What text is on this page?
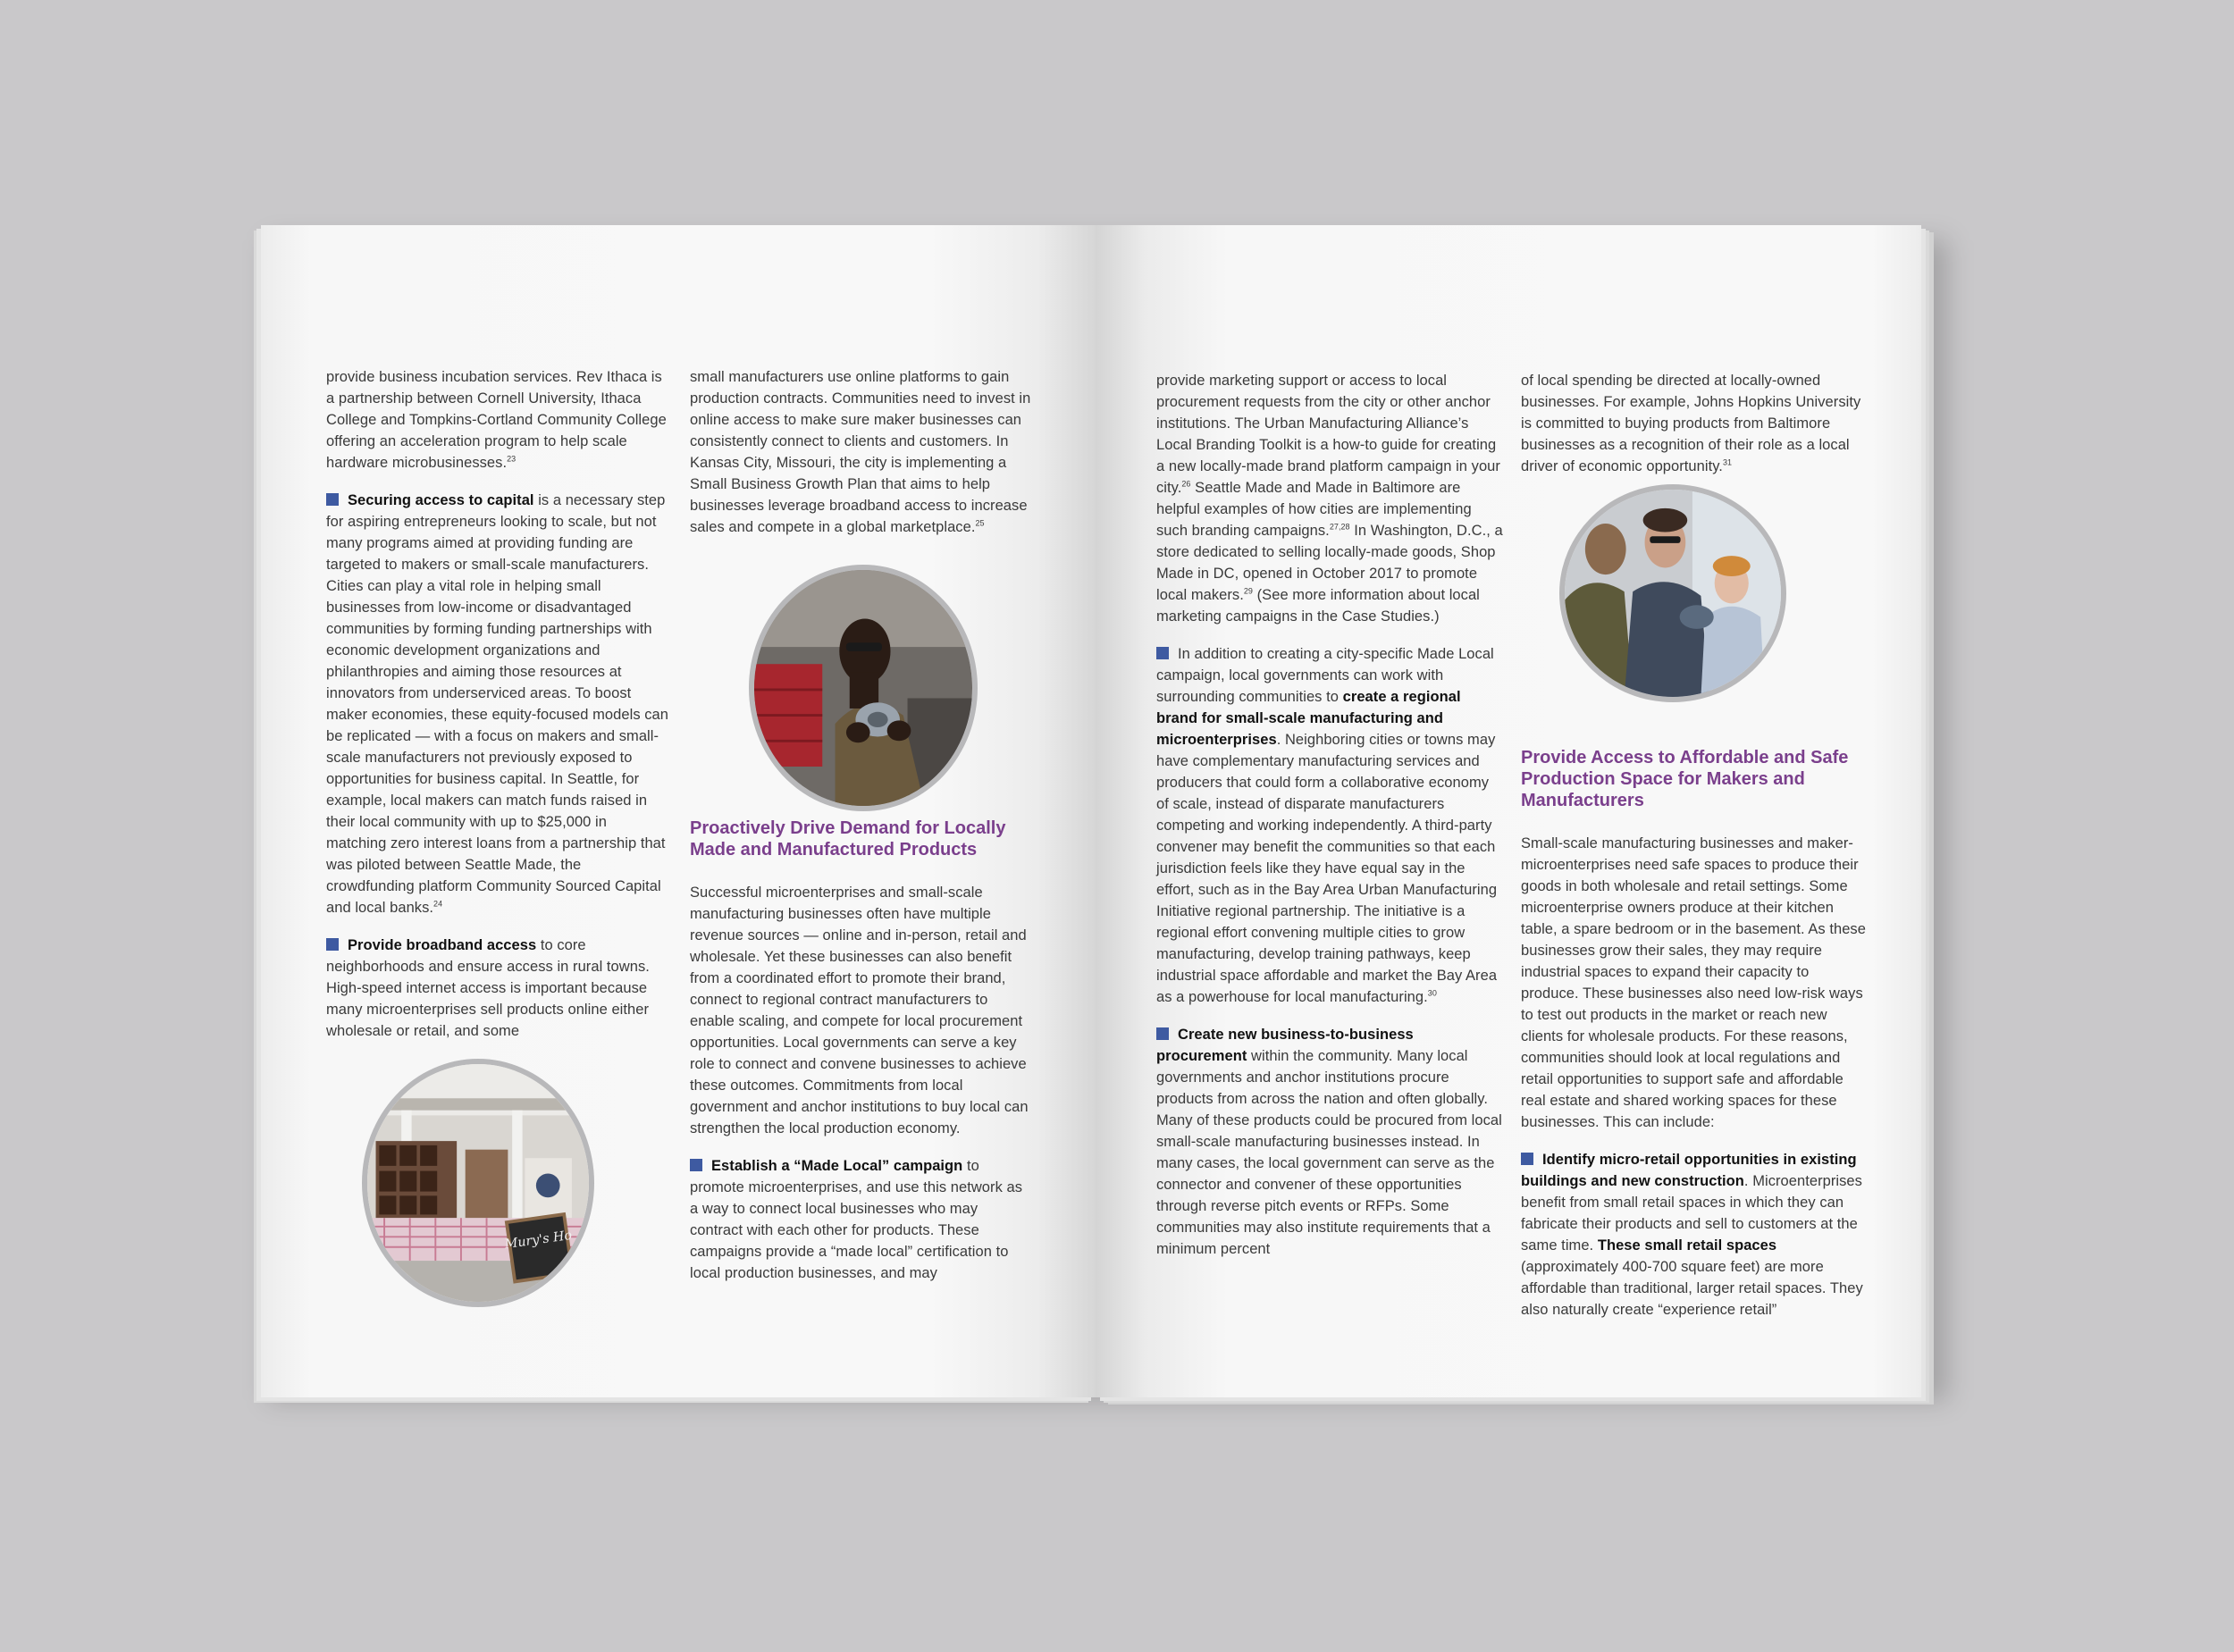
provide business incubation services. Rev Ithaca is a partnership between Cornell University, Ithaca College and Tompkins-Cortland Community College offering an acceleration program to help scale hardware microbusinesses.$^{23}$

Securing access to capital is a necessary step for aspiring entrepreneurs looking to scale, but not many programs aimed at providing funding are targeted to makers or small-scale manufacturers. Cities can play a vital role in helping small businesses from low-income or disadvantaged communities by forming funding partnerships with economic development organizations and philanthropies and aiming those resources at innovators from underserviced areas. To boost maker economies, these equity-focused models can be replicated — with a focus on makers and small-scale manufacturers not previously exposed to opportunities for business capital. In Seattle, for example, local makers can match funds raised in their local community with up to $25,000 in matching zero interest loans from a partnership that was piloted between Seattle Made, the crowdfunding platform Community Sourced Capital and local banks.$^{24}$

Provide broadband access to core neighborhoods and ensure access in rural towns. High-speed internet access is important because many microenterprises sell products online either wholesale or retail, and some

Mury's Ho

small manufacturers use online platforms to gain production contracts. Communities need to invest in online access to make sure maker businesses can consistently connect to clients and customers. In Kansas City, Missouri, the city is implementing a Small Business Growth Plan that aims to help businesses leverage broadband access to increase sales and compete in a global marketplace.$^{25}$

Proactively Drive Demand for Locally Made and Manufactured Products

Successful microenterprises and small-scale manufacturing businesses often have multiple revenue sources — online and in-person, retail and wholesale. Yet these businesses can also benefit from a coordinated effort to promote their brand, connect to regional contract manufacturers to enable scaling, and compete for local procurement opportunities. Local governments can serve a key role to connect and convene businesses to achieve these outcomes. Commitments from local government and anchor institutions to buy local can strengthen the local production economy.

Establish a “Made Local” campaign to promote microenterprises, and use this network as a way to connect local businesses who may contract with each other for products. These campaigns provide a “made local” certification to local production businesses, and may

provide marketing support or access to local procurement requests from the city or other anchor institutions. The Urban Manufacturing Alliance’s Local Branding Toolkit is a how-to guide for creating a new locally-made brand platform campaign in your city.$^{26}$ Seattle Made and Made in Baltimore are helpful examples of how cities are implementing such branding campaigns.$^{27,28}$ In Washington, D.C., a store dedicated to selling locally-made goods, Shop Made in DC, opened in October 2017 to promote local makers.$^{29}$ (See more information about local marketing campaigns in the Case Studies.)

In addition to creating a city-specific Made Local campaign, local governments can work with surrounding communities to create a regional brand for small-scale manufacturing and microenterprises. Neighboring cities or towns may have complementary manufacturing services and producers that could form a collaborative economy of scale, instead of disparate manufacturers competing and working independently. A third-party convener may benefit the communities so that each jurisdiction feels like they have equal say in the effort, such as in the Bay Area Urban Manufacturing Initiative regional partnership. The initiative is a regional effort convening multiple cities to grow manufacturing, develop training pathways, keep industrial space affordable and market the Bay Area as a powerhouse for local manufacturing.$^{30}$

Create new business-to-business procurement within the community. Many local governments and anchor institutions procure products from across the nation and often globally. Many of these products could be procured from local small-scale manufacturing businesses instead. In many cases, the local government can serve as the connector and convener of these opportunities through reverse pitch events or RFPs. Some communities may also institute requirements that a minimum percent

of local spending be directed at locally-owned businesses. For example, Johns Hopkins University is committed to buying products from Baltimore businesses as a recognition of their role as a local driver of economic opportunity.$^{31}$

Provide Access to Affordable and Safe Production Space for Makers and Manufacturers

Small-scale manufacturing businesses and maker-microenterprises need safe spaces to produce their goods in both wholesale and retail settings. Some microenterprise owners produce at their kitchen table, a spare bedroom or in the basement. As these businesses grow their sales, they may require industrial spaces to expand their capacity to produce. These businesses also need low-risk ways to test out products in the market or reach new clients for wholesale products. For these reasons, communities should look at local regulations and retail opportunities to support safe and affordable real estate and shared working spaces for these businesses. This can include:

Identify micro-retail opportunities in existing buildings and new construction. Microenterprises benefit from small retail spaces in which they can fabricate their products and sell to customers at the same time. These small retail spaces (approximately 400-700 square feet) are more affordable than traditional, larger retail spaces. They also naturally create “experience retail”
